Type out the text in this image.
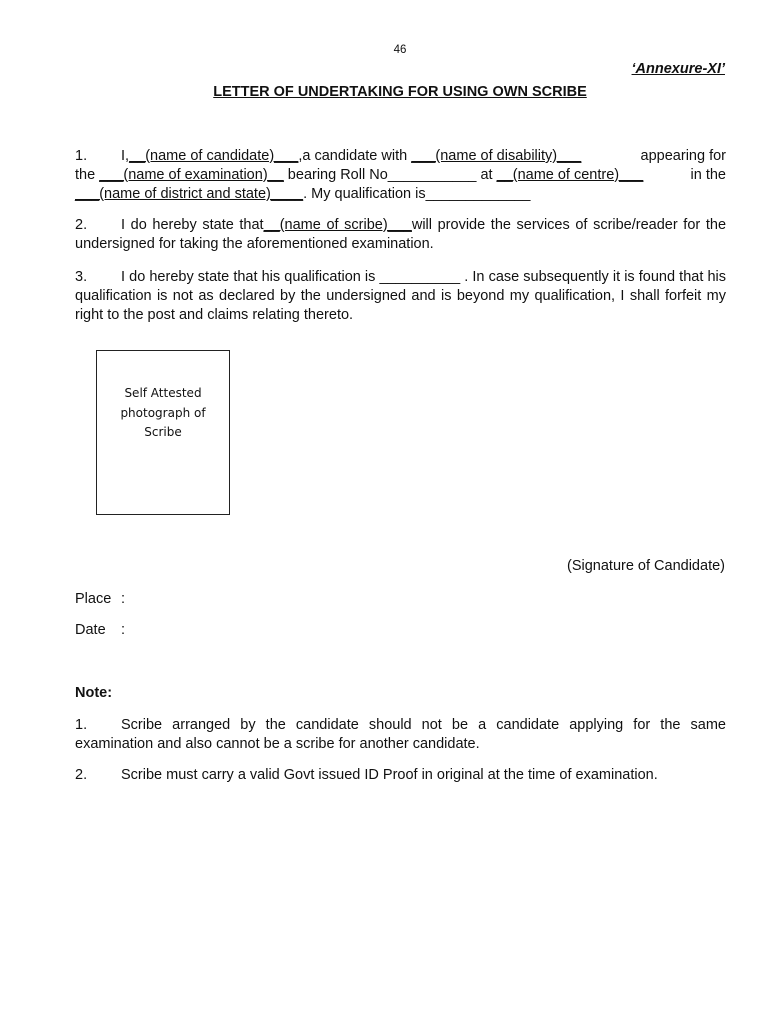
46
‘Annexure-XI’
LETTER OF UNDERTAKING FOR USING OWN SCRIBE
1. I,__(name of candidate)___,a candidate with ___(name of disability)___	appearing for
the ___(name of examination)__ bearing Roll No___________ at __(name of centre)___	in the
___(name of district and state)____. My qualification is_____________
2. I do hereby state that__(name of scribe)___will provide the services of scribe/reader for the undersigned for taking the aforementioned examination.
3. I do hereby state that his qualification is __________ . In case subsequently it is found that his qualification is not as declared by the undersigned and is beyond my qualification, I shall forfeit my right to the post and claims relating thereto.
Self Attested
photograph of
Scribe
(Signature of Candidate)
Place :
Date :
Note:
1. Scribe arranged by the candidate should not be a candidate applying for the same examination and also cannot be a scribe for another candidate.
2. Scribe must carry a valid Govt issued ID Proof in original at the time of examination.
